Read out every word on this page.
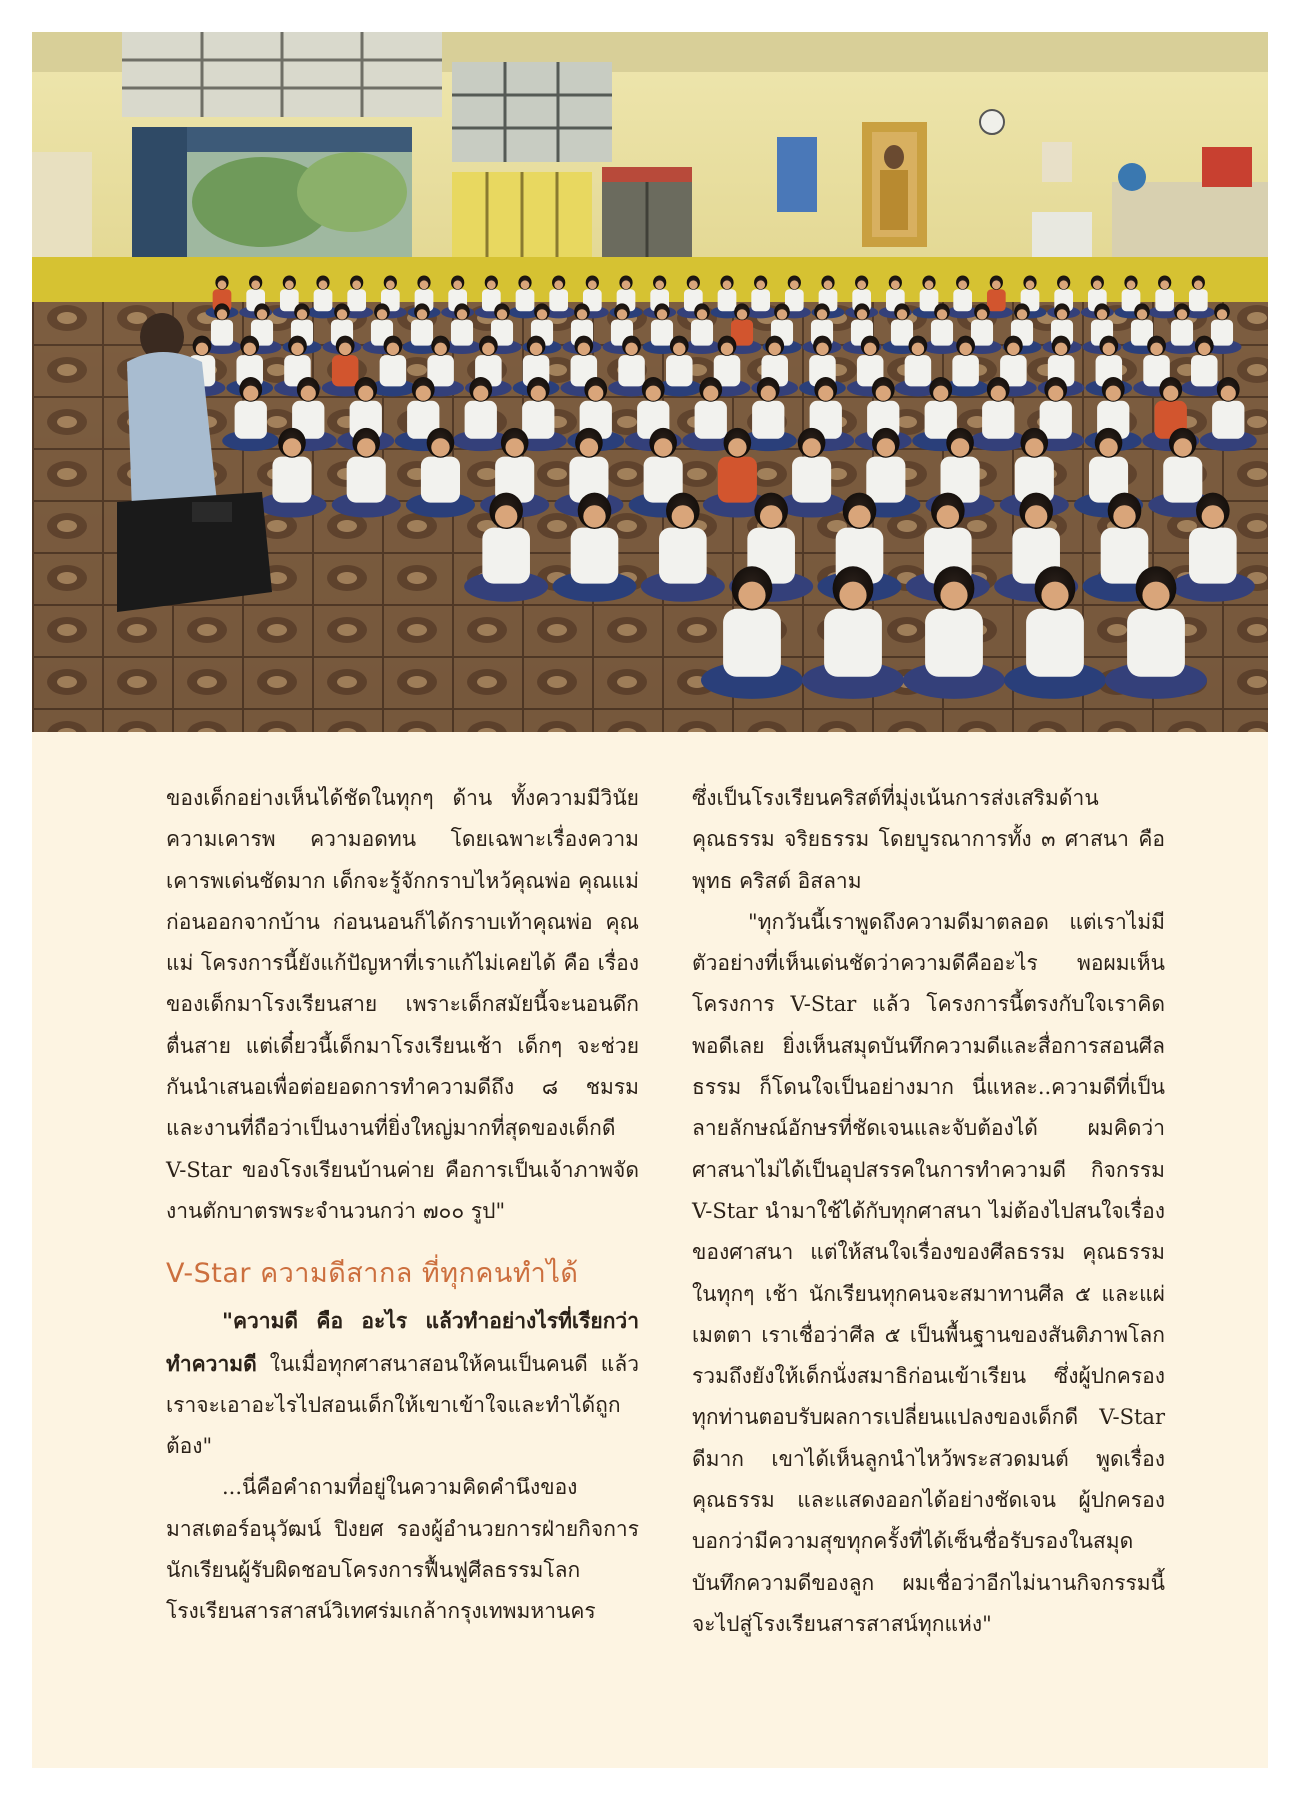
ของเด็กอย่างเห็นได้ชัดในทุกๆ ด้าน ทั้งความมีวินัย ความเคารพ ความอดทน โดยเฉพาะเรื่องความเคารพเด่นชัดมาก เด็กจะรู้จักกราบไหว้คุณพ่อ คุณแม่ ก่อนออกจากบ้าน ก่อนนอนก็ได้กราบเท้าคุณพ่อ คุณแม่ โครงการนี้ยังแก้ปัญหาที่เราแก้ไม่เคยได้ คือ เรื่องของเด็กมาโรงเรียนสาย เพราะเด็กสมัยนี้จะนอนดึก ตื่นสาย แต่เดี๋ยวนี้เด็กมาโรงเรียนเช้า เด็กๆ จะช่วยกันนำเสนอเพื่อต่อยอดการทำความดีถึง ๘ ชมรม และงานที่ถือว่าเป็นงานที่ยิ่งใหญ่มากที่สุดของเด็กดี V-Star ของโรงเรียนบ้านค่าย คือการเป็นเจ้าภาพจัดงานตักบาตรพระจำนวนกว่า ๗๐๐ รูป"

V-Star ความดีสากล ที่ทุกคนทำได้

"ความดี คือ อะไร แล้วทำอย่างไรที่เรียกว่า ทำความดี ในเมื่อทุกศาสนาสอนให้คนเป็นคนดี แล้วเราจะเอาอะไรไปสอนเด็กให้เขาเข้าใจและทำได้ถูกต้อง"

...นี่คือคำถามที่อยู่ในความคิดคำนึงของมาสเตอร์อนุวัฒน์ ปิงยศ รองผู้อำนวยการฝ่ายกิจการนักเรียนผู้รับผิดชอบโครงการฟื้นฟูศีลธรรมโลก โรงเรียนสารสาสน์วิเทศร่มเกล้ากรุงเทพมหานคร

ซึ่งเป็นโรงเรียนคริสต์ที่มุ่งเน้นการส่งเสริมด้านคุณธรรม จริยธรรม โดยบูรณาการทั้ง ๓ ศาสนา คือ พุทธ คริสต์ อิสลาม

"ทุกวันนี้เราพูดถึงความดีมาตลอด แต่เราไม่มีตัวอย่างที่เห็นเด่นชัดว่าความดีคืออะไร พอผมเห็นโครงการ V-Star แล้ว โครงการนี้ตรงกับใจเราคิดพอดีเลย ยิ่งเห็นสมุดบันทึกความดีและสื่อการสอนศีลธรรม ก็โดนใจเป็นอย่างมาก นี่แหละ..ความดีที่เป็นลายลักษณ์อักษรที่ชัดเจนและจับต้องได้ ผมคิดว่าศาสนาไม่ได้เป็นอุปสรรคในการทำความดี กิจกรรม V-Star นำมาใช้ได้กับทุกศาสนา ไม่ต้องไปสนใจเรื่องของศาสนา แต่ให้สนใจเรื่องของศีลธรรม คุณธรรม ในทุกๆ เช้า นักเรียนทุกคนจะสมาทานศีล ๕ และแผ่เมตตา เราเชื่อว่าศีล ๕ เป็นพื้นฐานของสันติภาพโลก รวมถึงยังให้เด็กนั่งสมาธิก่อนเข้าเรียน ซึ่งผู้ปกครองทุกท่านตอบรับผลการเปลี่ยนแปลงของเด็กดี V-Star ดีมาก เขาได้เห็นลูกนำไหว้พระสวดมนต์ พูดเรื่องคุณธรรม และแสดงออกได้อย่างชัดเจน ผู้ปกครองบอกว่ามีความสุขทุกครั้งที่ได้เซ็นชื่อรับรองในสมุดบันทึกความดีของลูก ผมเชื่อว่าอีกไม่นานกิจกรรมนี้จะไปสู่โรงเรียนสารสาสน์ทุกแห่ง"
